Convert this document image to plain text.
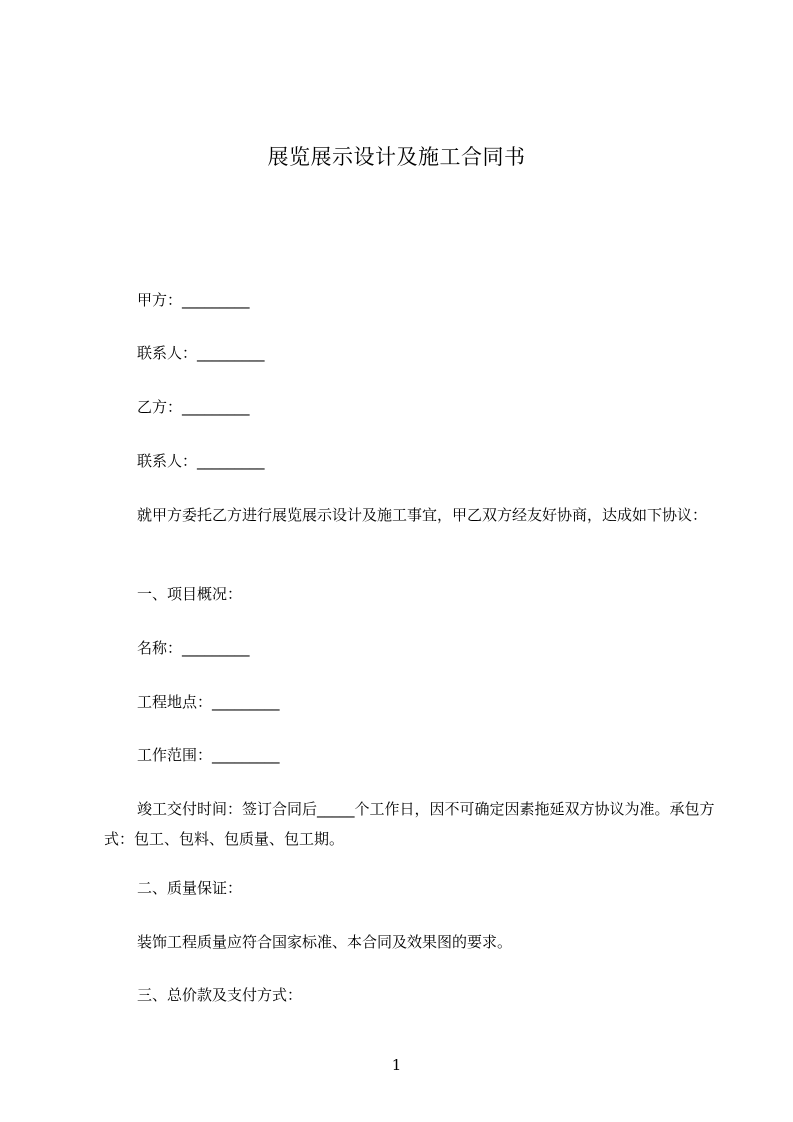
展览展示设计及施工合同书
甲方：_________
联系人：_________
乙方：_________
联系人：_________
就甲方委托乙方进行展览展示设计及施工事宜，甲乙双方经友好协商，达成如下协议：
一、项目概况：
名称：_________
工程地点：_________
工作范围：_________
竣工交付时间：签订合同后_____个工作日，因不可确定因素拖延双方协议为准。承包方式：包工、包料、包质量、包工期。
二、质量保证：
装饰工程质量应符合国家标准、本合同及效果图的要求。
三、总价款及支付方式：
1
